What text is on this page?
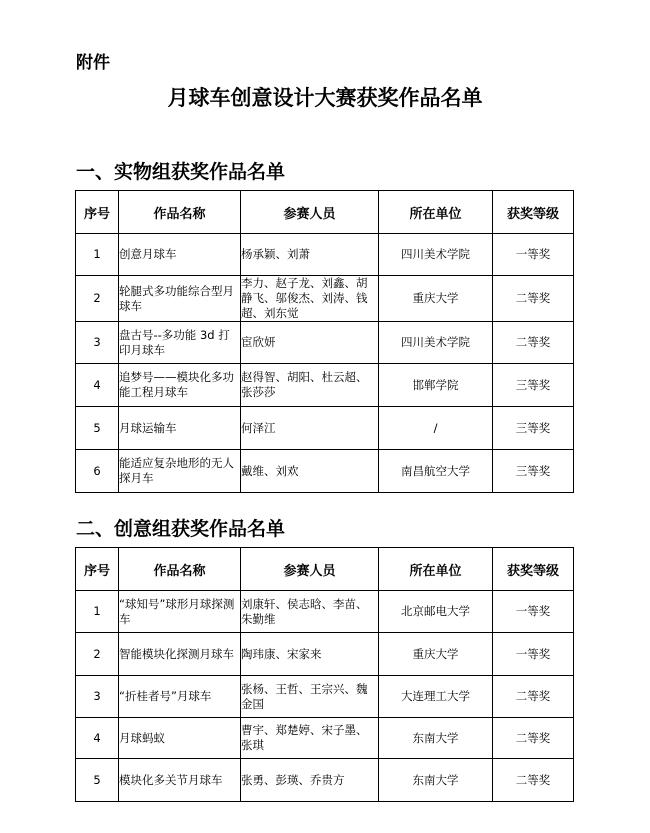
附件
月球车创意设计大赛获奖作品名单
一、实物组获奖作品名单
序号	作品名称	参赛人员	所在单位	获奖等级
1	创意月球车	杨承颖、刘萧	四川美术学院	一等奖
2	轮腿式多功能综合型月球车	李力、赵子龙、刘鑫、胡静飞、邬俊杰、刘涛、钱超、刘东觉	重庆大学	二等奖
3	盘古号--多功能 3d 打印月球车	宦欣妍	四川美术学院	二等奖
4	追梦号——模块化多功能工程月球车	赵得智、胡阳、杜云超、张莎莎	邯郸学院	三等奖
5	月球运输车	何泽江	/	三等奖
6	能适应复杂地形的无人探月车	戴维、刘欢	南昌航空大学	三等奖
二、创意组获奖作品名单
序号	作品名称	参赛人员	所在单位	获奖等级
1	“球知号”球形月球探测车	刘康轩、侯志晗、李苗、朱勤维	北京邮电大学	一等奖
2	智能模块化探测月球车	陶玮康、宋家来	重庆大学	一等奖
3	“折桂者号”月球车	张杨、王哲、王宗兴、魏金国	大连理工大学	二等奖
4	月球蚂蚁	曹宇、郑楚婷、宋子墨、张琪	东南大学	二等奖
5	模块化多关节月球车	张勇、彭瑛、乔贵方	东南大学	二等奖
